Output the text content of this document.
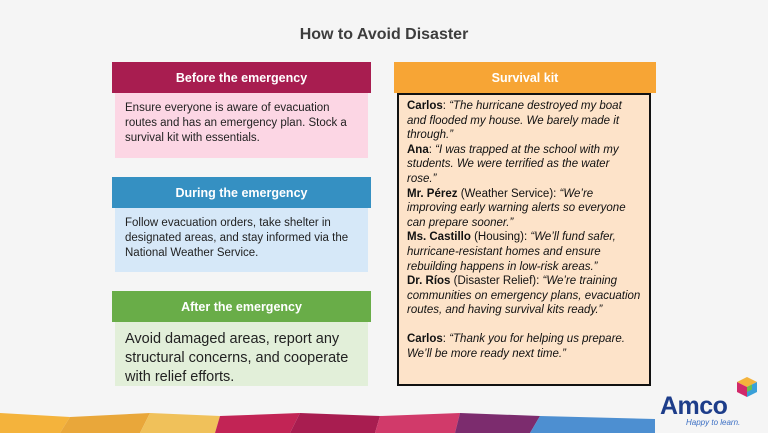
How to Avoid Disaster
Before the emergency
Ensure everyone is aware of evacuation routes and has an emergency plan. Stock a survival kit with essentials.
During the emergency
Follow evacuation orders, take shelter in designated areas, and stay informed via the National Weather Service.
After the emergency
Avoid damaged areas, report any structural concerns, and cooperate with relief efforts.
Survival kit

Carlos: “The hurricane destroyed my boat and flooded my house. We barely made it through.”

Ana: “I was trapped at the school with my students. We were terrified as the water rose.”

Mr. Pérez (Weather Service): “We’re improving early warning alerts so everyone can prepare sooner.”

Ms. Castillo (Housing): “We’ll fund safer, hurricane-resistant homes and ensure rebuilding happens in low-risk areas.”

Dr. Ríos (Disaster Relief): “We’re training communities on emergency plans, evacuation routes, and having survival kits ready.”

Carlos: “Thank you for helping us prepare. We’ll be more ready next time.”

Amco
Happy to learn.
